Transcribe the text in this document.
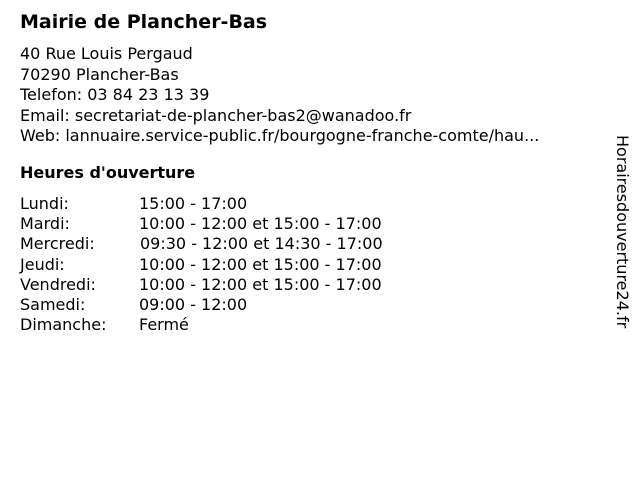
Mairie de Plancher-Bas
40 Rue Louis Pergaud
70290 Plancher-Bas
Telefon: 03 84 23 13 39
Email: secretariat-de-plancher-bas2@wanadoo.fr
Web: lannuaire.service-public.fr/bourgogne-franche-comte/hau...
Heures d'ouverture
Lundi:	15:00 - 17:00
Mardi:	10:00 - 12:00 et 15:00 - 17:00
Mercredi:	09:30 - 12:00 et 14:30 - 17:00
Jeudi:	10:00 - 12:00 et 15:00 - 17:00
Vendredi:	10:00 - 12:00 et 15:00 - 17:00
Samedi:	09:00 - 12:00
Dimanche: Fermé	Horairesdouverture24.fr
